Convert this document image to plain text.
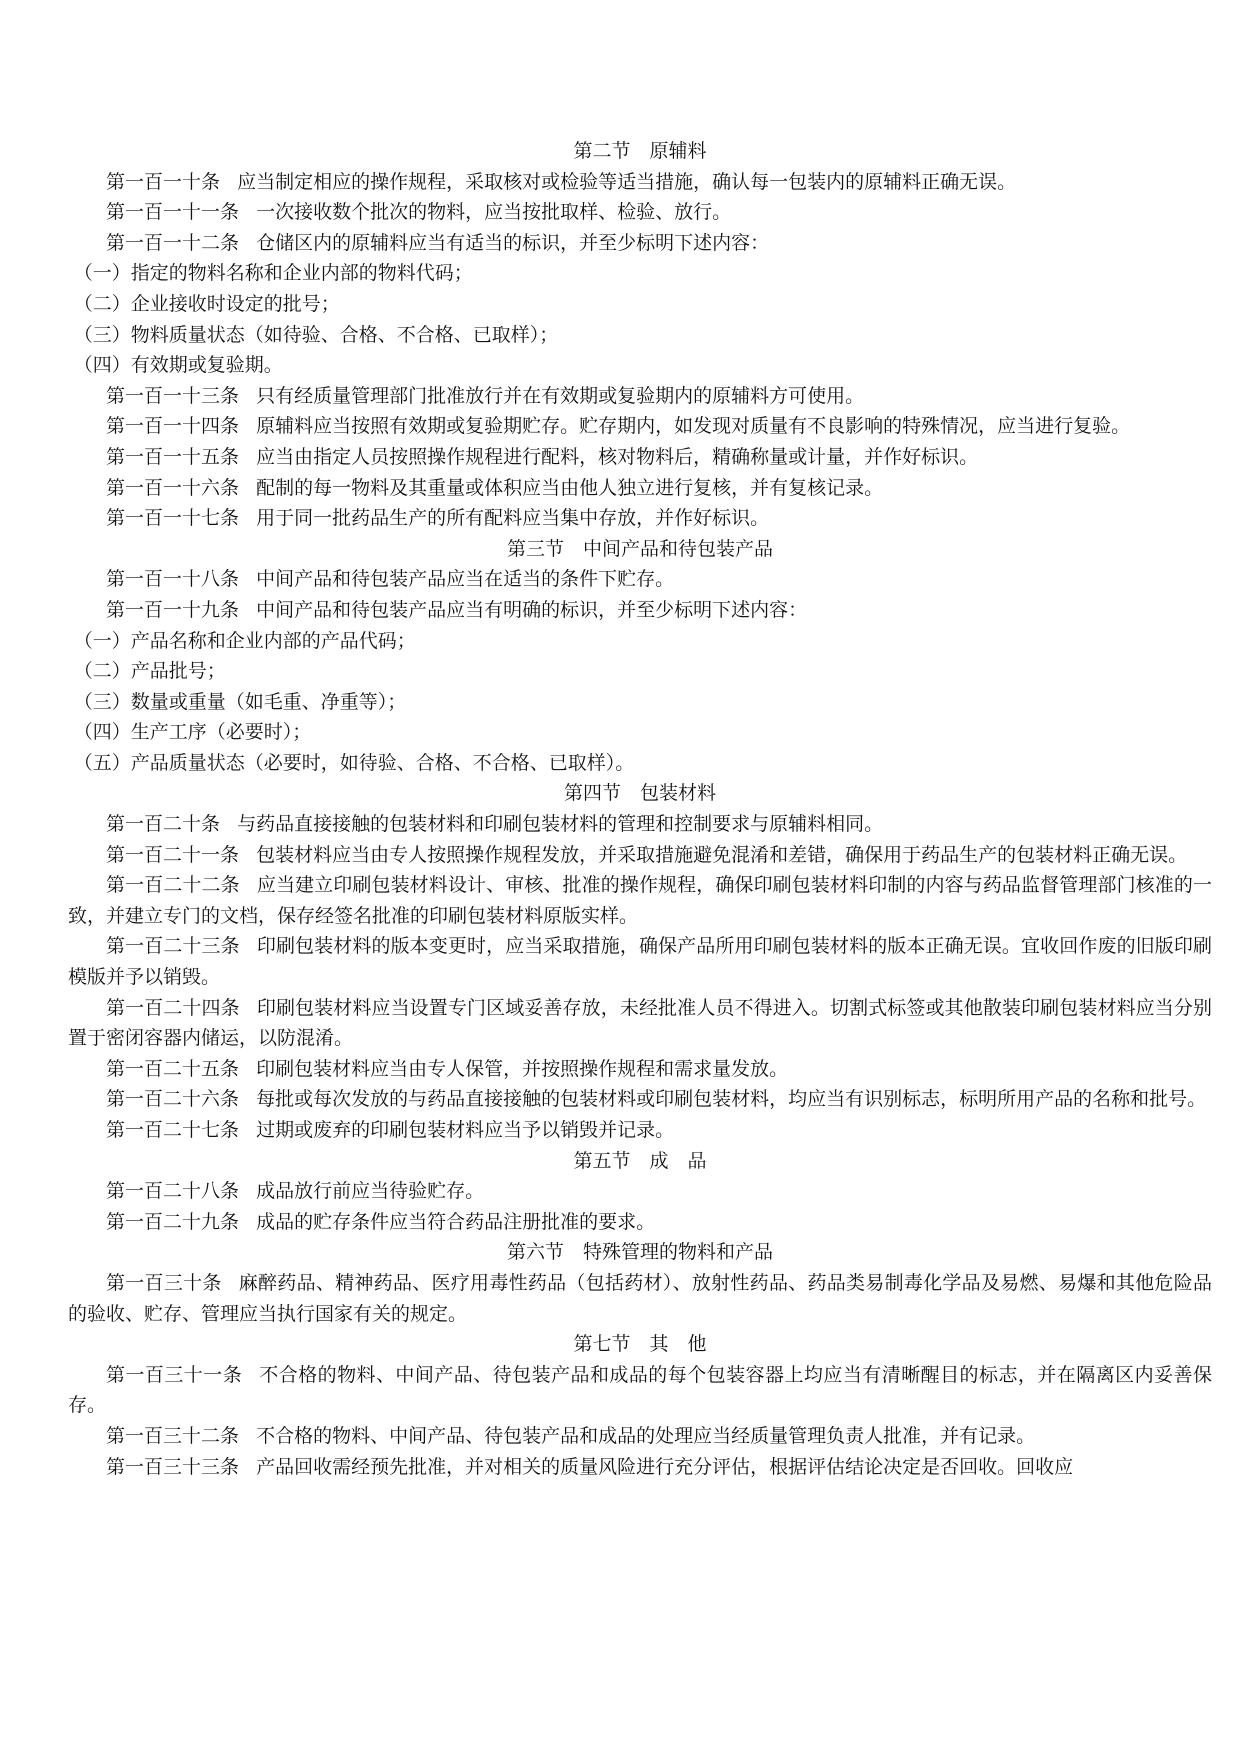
第二节　原辅料

第一百一十条 应当制定相应的操作规程，采取核对或检验等适当措施，确认每一包装内的原辅料正确无误。

第一百一十一条 一次接收数个批次的物料，应当按批取样、检验、放行。

第一百一十二条 仓储区内的原辅料应当有适当的标识，并至少标明下述内容：

（一）指定的物料名称和企业内部的物料代码；

（二）企业接收时设定的批号；

（三）物料质量状态（如待验、合格、不合格、已取样）；

（四）有效期或复验期。

第一百一十三条 只有经质量管理部门批准放行并在有效期或复验期内的原辅料方可使用。

第一百一十四条 原辅料应当按照有效期或复验期贮存。贮存期内，如发现对质量有不良影响的特殊情况，应当进行复验。

第一百一十五条 应当由指定人员按照操作规程进行配料，核对物料后，精确称量或计量，并作好标识。

第一百一十六条 配制的每一物料及其重量或体积应当由他人独立进行复核，并有复核记录。

第一百一十七条 用于同一批药品生产的所有配料应当集中存放，并作好标识。

第三节　中间产品和待包装产品

第一百一十八条 中间产品和待包装产品应当在适当的条件下贮存。

第一百一十九条 中间产品和待包装产品应当有明确的标识，并至少标明下述内容：

（一）产品名称和企业内部的产品代码；

（二）产品批号；

（三）数量或重量（如毛重、净重等）；

（四）生产工序（必要时）；

（五）产品质量状态（必要时，如待验、合格、不合格、已取样）。

第四节　包装材料

第一百二十条 与药品直接接触的包装材料和印刷包装材料的管理和控制要求与原辅料相同。

第一百二十一条 包装材料应当由专人按照操作规程发放，并采取措施避免混淆和差错，确保用于药品生产的包装材料正确无误。

第一百二十二条 应当建立印刷包装材料设计、审核、批准的操作规程，确保印刷包装材料印制的内容与药品监督管理部门核准的一致，并建立专门的文档，保存经签名批准的印刷包装材料原版实样。

第一百二十三条 印刷包装材料的版本变更时，应当采取措施，确保产品所用印刷包装材料的版本正确无误。宜收回作废的旧版印刷模版并予以销毁。

第一百二十四条 印刷包装材料应当设置专门区域妥善存放，未经批准人员不得进入。切割式标签或其他散装印刷包装材料应当分别置于密闭容器内储运，以防混淆。

第一百二十五条 印刷包装材料应当由专人保管，并按照操作规程和需求量发放。

第一百二十六条 每批或每次发放的与药品直接接触的包装材料或印刷包装材料，均应当有识别标志，标明所用产品的名称和批号。

第一百二十七条 过期或废弃的印刷包装材料应当予以销毁并记录。

第五节　成　品

第一百二十八条 成品放行前应当待验贮存。

第一百二十九条 成品的贮存条件应当符合药品注册批准的要求。

第六节　特殊管理的物料和产品

第一百三十条 麻醉药品、精神药品、医疗用毒性药品（包括药材）、放射性药品、药品类易制毒化学品及易燃、易爆和其他危险品的验收、贮存、管理应当执行国家有关的规定。

第七节　其　他

第一百三十一条 不合格的物料、中间产品、待包装产品和成品的每个包装容器上均应当有清晰醒目的标志，并在隔离区内妥善保存。

第一百三十二条 不合格的物料、中间产品、待包装产品和成品的处理应当经质量管理负责人批准，并有记录。

第一百三十三条 产品回收需经预先批准，并对相关的质量风险进行充分评估，根据评估结论决定是否回收。回收应
